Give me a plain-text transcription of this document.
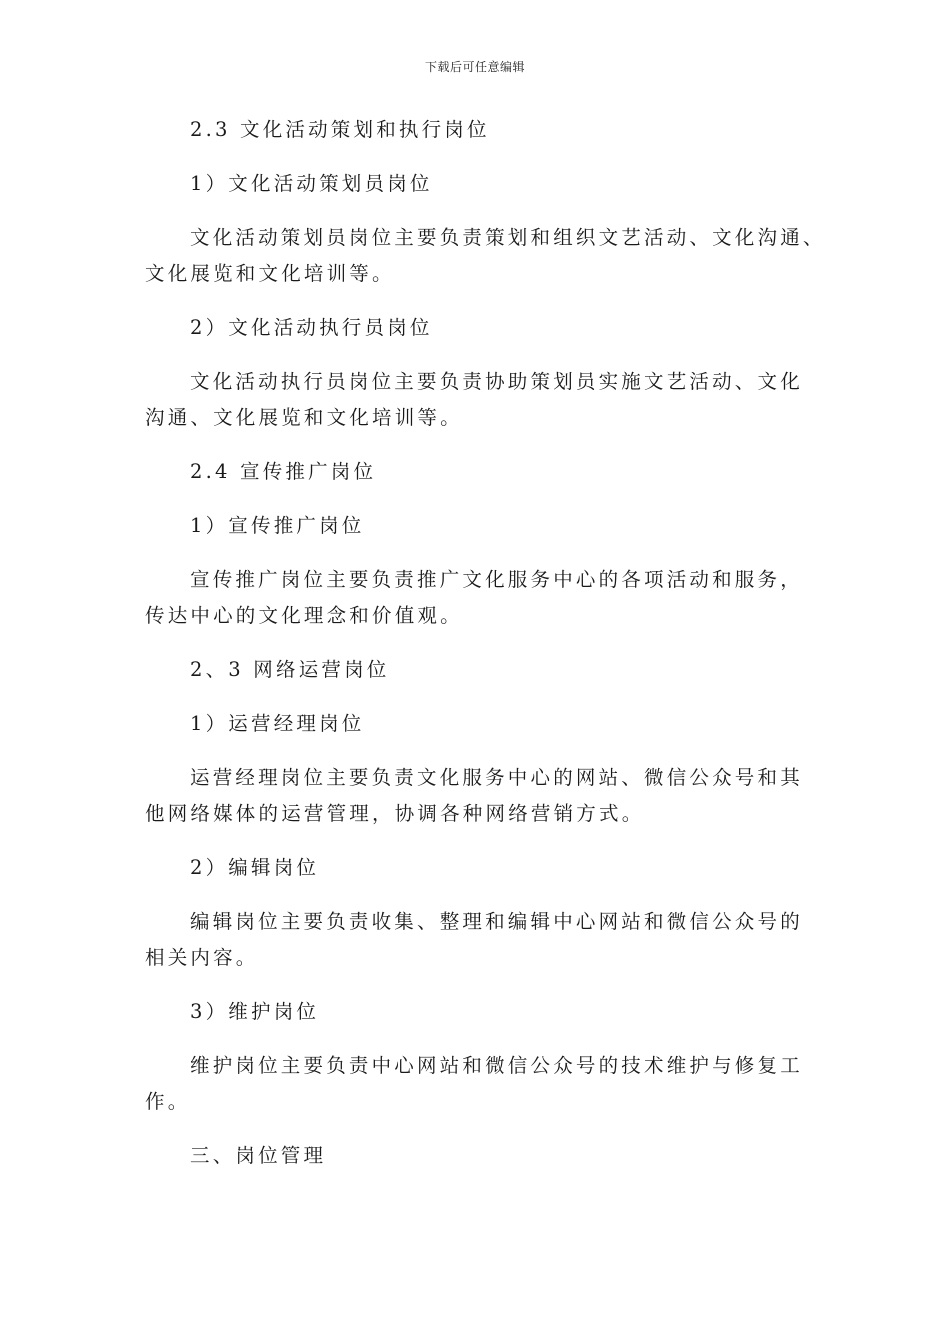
下载后可任意编辑
2.3 文化活动策划和执行岗位
1）文化活动策划员岗位
文化活动策划员岗位主要负责策划和组织文艺活动、文化沟通、
文化展览和文化培训等。
2）文化活动执行员岗位
文化活动执行员岗位主要负责协助策划员实施文艺活动、文化
沟通、文化展览和文化培训等。
2.4 宣传推广岗位
1）宣传推广岗位
宣传推广岗位主要负责推广文化服务中心的各项活动和服务，
传达中心的文化理念和价值观。
2、3 网络运营岗位
1）运营经理岗位
运营经理岗位主要负责文化服务中心的网站、微信公众号和其
他网络媒体的运营管理，协调各种网络营销方式。
2）编辑岗位
编辑岗位主要负责收集、整理和编辑中心网站和微信公众号的
相关内容。
3）维护岗位
维护岗位主要负责中心网站和微信公众号的技术维护与修复工
作。
三、岗位管理
